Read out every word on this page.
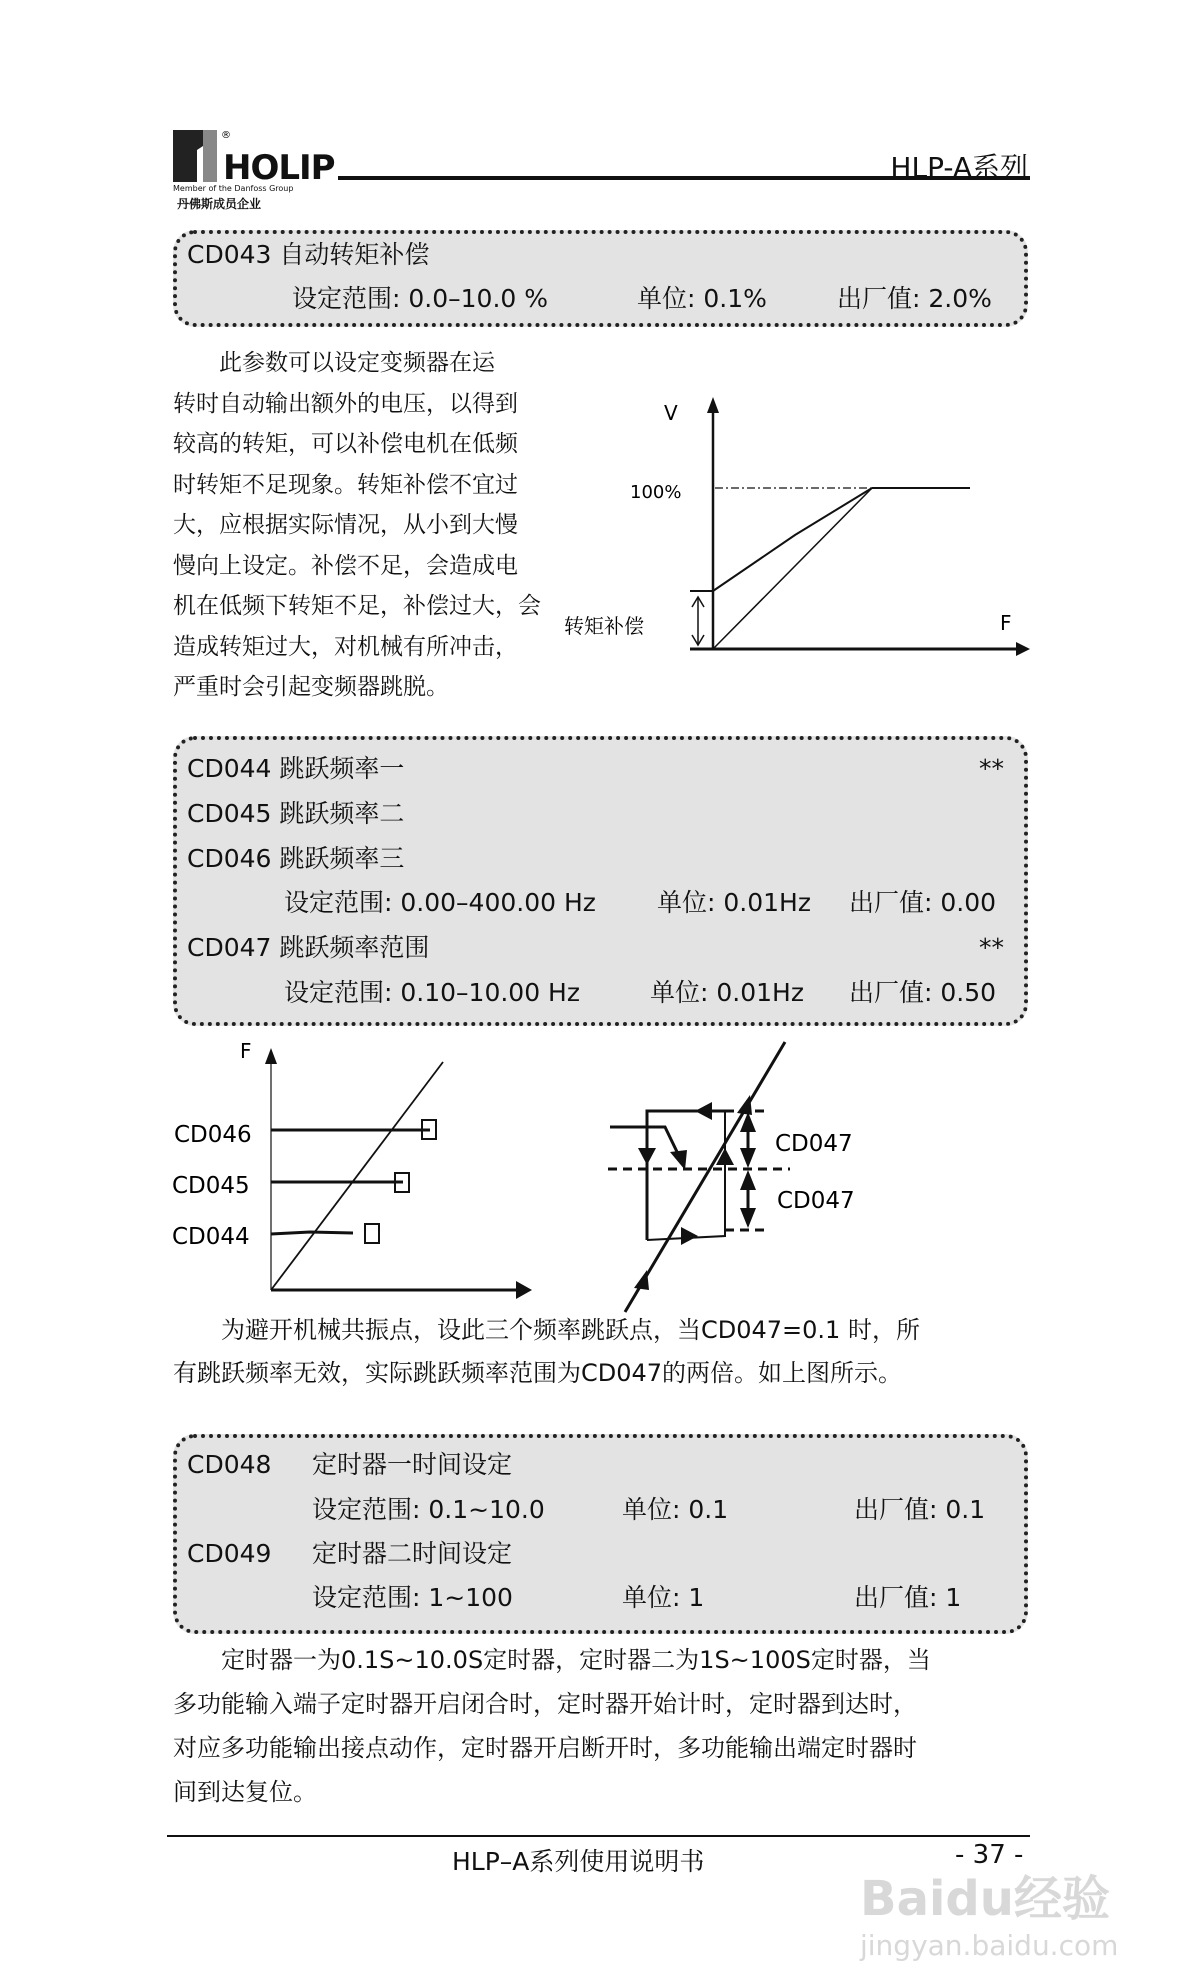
®
HOLIP
Member of the Danfoss Group
丹佛斯成员企业
HLP-A系列
CD043 自动转矩补偿
设定范围: 0.0–10.0 %	单位: 0.1%	出厂值: 2.0%
　　此参数可以设定变频器在运
转时自动输出额外的电压，以得到
较高的转矩，可以补偿电机在低频
时转矩不足现象。转矩补偿不宜过
大，应根据实际情况，从小到大慢
慢向上设定。补偿不足，会造成电
机在低频下转矩不足，补偿过大，会
造成转矩过大，对机械有所冲击，
严重时会引起变频器跳脱。
V
F
100%
转矩补偿
CD044 跳跃频率一	**
CD045 跳跃频率二
CD046 跳跃频率三
设定范围: 0.00–400.00 Hz 单位: 0.01Hz 出厂值: 0.00
CD047 跳跃频率范围	**
设定范围: 0.10–10.00 Hz	单位: 0.01Hz 出厂值: 0.50
F
CD046
CD045
CD044
CD047
CD047
　　为避开机械共振点，设此三个频率跳跃点，当CD047=0.1 时，所
有跳跃频率无效，实际跳跃频率范围为CD047的两倍。如上图所示。
CD048 定时器一时间设定
设定范围: 0.1~10.0	单位: 0.1	出厂值: 0.1
CD049 定时器二时间设定
设定范围: 1~100	单位: 1	出厂值: 1
　　定时器一为0.1S~10.0S定时器，定时器二为1S~100S定时器，当
多功能输入端子定时器开启闭合时，定时器开始计时，定时器到达时，
对应多功能输出接点动作，定时器开启断开时，多功能输出端定时器时
间到达复位。
HLP–A系列使用说明书	- 37 -
Baidu经验
jingyan.baidu.com
